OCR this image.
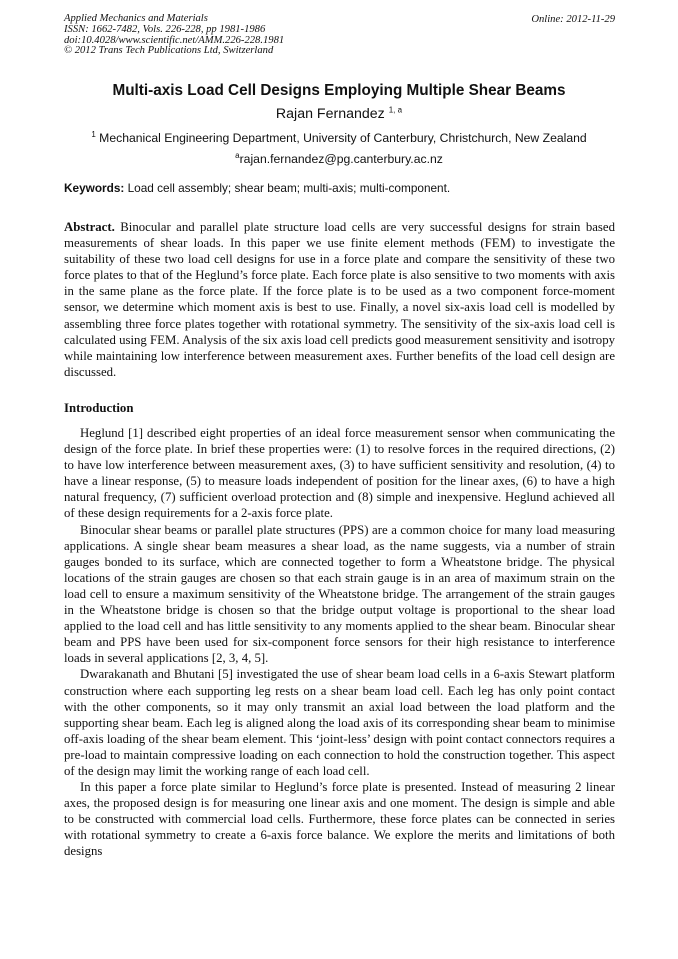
Applied Mechanics and Materials
ISSN: 1662-7482, Vols. 226-228, pp 1981-1986
doi:10.4028/www.scientific.net/AMM.226-228.1981
© 2012 Trans Tech Publications Ltd, Switzerland
Online: 2012-11-29
Multi-axis Load Cell Designs Employing Multiple Shear Beams
Rajan Fernandez $^{1, a}$
$^1$ Mechanical Engineering Department, University of Canterbury, Christchurch, New Zealand
$^a$rajan.fernandez@pg.canterbury.ac.nz
Keywords: Load cell assembly; shear beam; multi-axis; multi-component.
Abstract. Binocular and parallel plate structure load cells are very successful designs for strain based measurements of shear loads. In this paper we use finite element methods (FEM) to investigate the suitability of these two load cell designs for use in a force plate and compare the sensitivity of these two force plates to that of the Heglund’s force plate. Each force plate is also sensitive to two moments with axis in the same plane as the force plate. If the force plate is to be used as a two component force-moment sensor, we determine which moment axis is best to use. Finally, a novel six-axis load cell is modelled by assembling three force plates together with rotational symmetry. The sensitivity of the six-axis load cell is calculated using FEM. Analysis of the six axis load cell predicts good measurement sensitivity and isotropy while maintaining low interference between measurement axes. Further benefits of the load cell design are discussed.
Introduction

Heglund [1] described eight properties of an ideal force measurement sensor when communicating the design of the force plate. In brief these properties were: (1) to resolve forces in the required directions, (2) to have low interference between measurement axes, (3) to have sufficient sensitivity and resolution, (4) to have a linear response, (5) to measure loads independent of position for the linear axes, (6) to have a high natural frequency, (7) sufficient overload protection and (8) simple and inexpensive. Heglund achieved all of these design requirements for a 2-axis force plate.

Binocular shear beams or parallel plate structures (PPS) are a common choice for many load measuring applications. A single shear beam measures a shear load, as the name suggests, via a number of strain gauges bonded to its surface, which are connected together to form a Wheatstone bridge. The physical locations of the strain gauges are chosen so that each strain gauge is in an area of maximum strain on the load cell to ensure a maximum sensitivity of the Wheatstone bridge. The arrangement of the strain gauges in the Wheatstone bridge is chosen so that the bridge output voltage is proportional to the shear load applied to the load cell and has little sensitivity to any moments applied to the shear beam. Binocular shear beam and PPS have been used for six-component force sensors for their high resistance to interference loads in several applications [2, 3, 4, 5].

Dwarakanath and Bhutani [5] investigated the use of shear beam load cells in a 6-axis Stewart platform construction where each supporting leg rests on a shear beam load cell. Each leg has only point contact with the other components, so it may only transmit an axial load between the load platform and the supporting shear beam. Each leg is aligned along the load axis of its corresponding shear beam to minimise off-axis loading of the shear beam element. This ‘joint-less’ design with point contact connectors requires a pre-load to maintain compressive loading on each connection to hold the construction together. This aspect of the design may limit the working range of each load cell.

In this paper a force plate similar to Heglund’s force plate is presented. Instead of measuring 2 linear axes, the proposed design is for measuring one linear axis and one moment. The design is simple and able to be constructed with commercial load cells. Furthermore, these force plates can be connected in series with rotational symmetry to create a 6-axis force balance. We explore the merits and limitations of both designs
